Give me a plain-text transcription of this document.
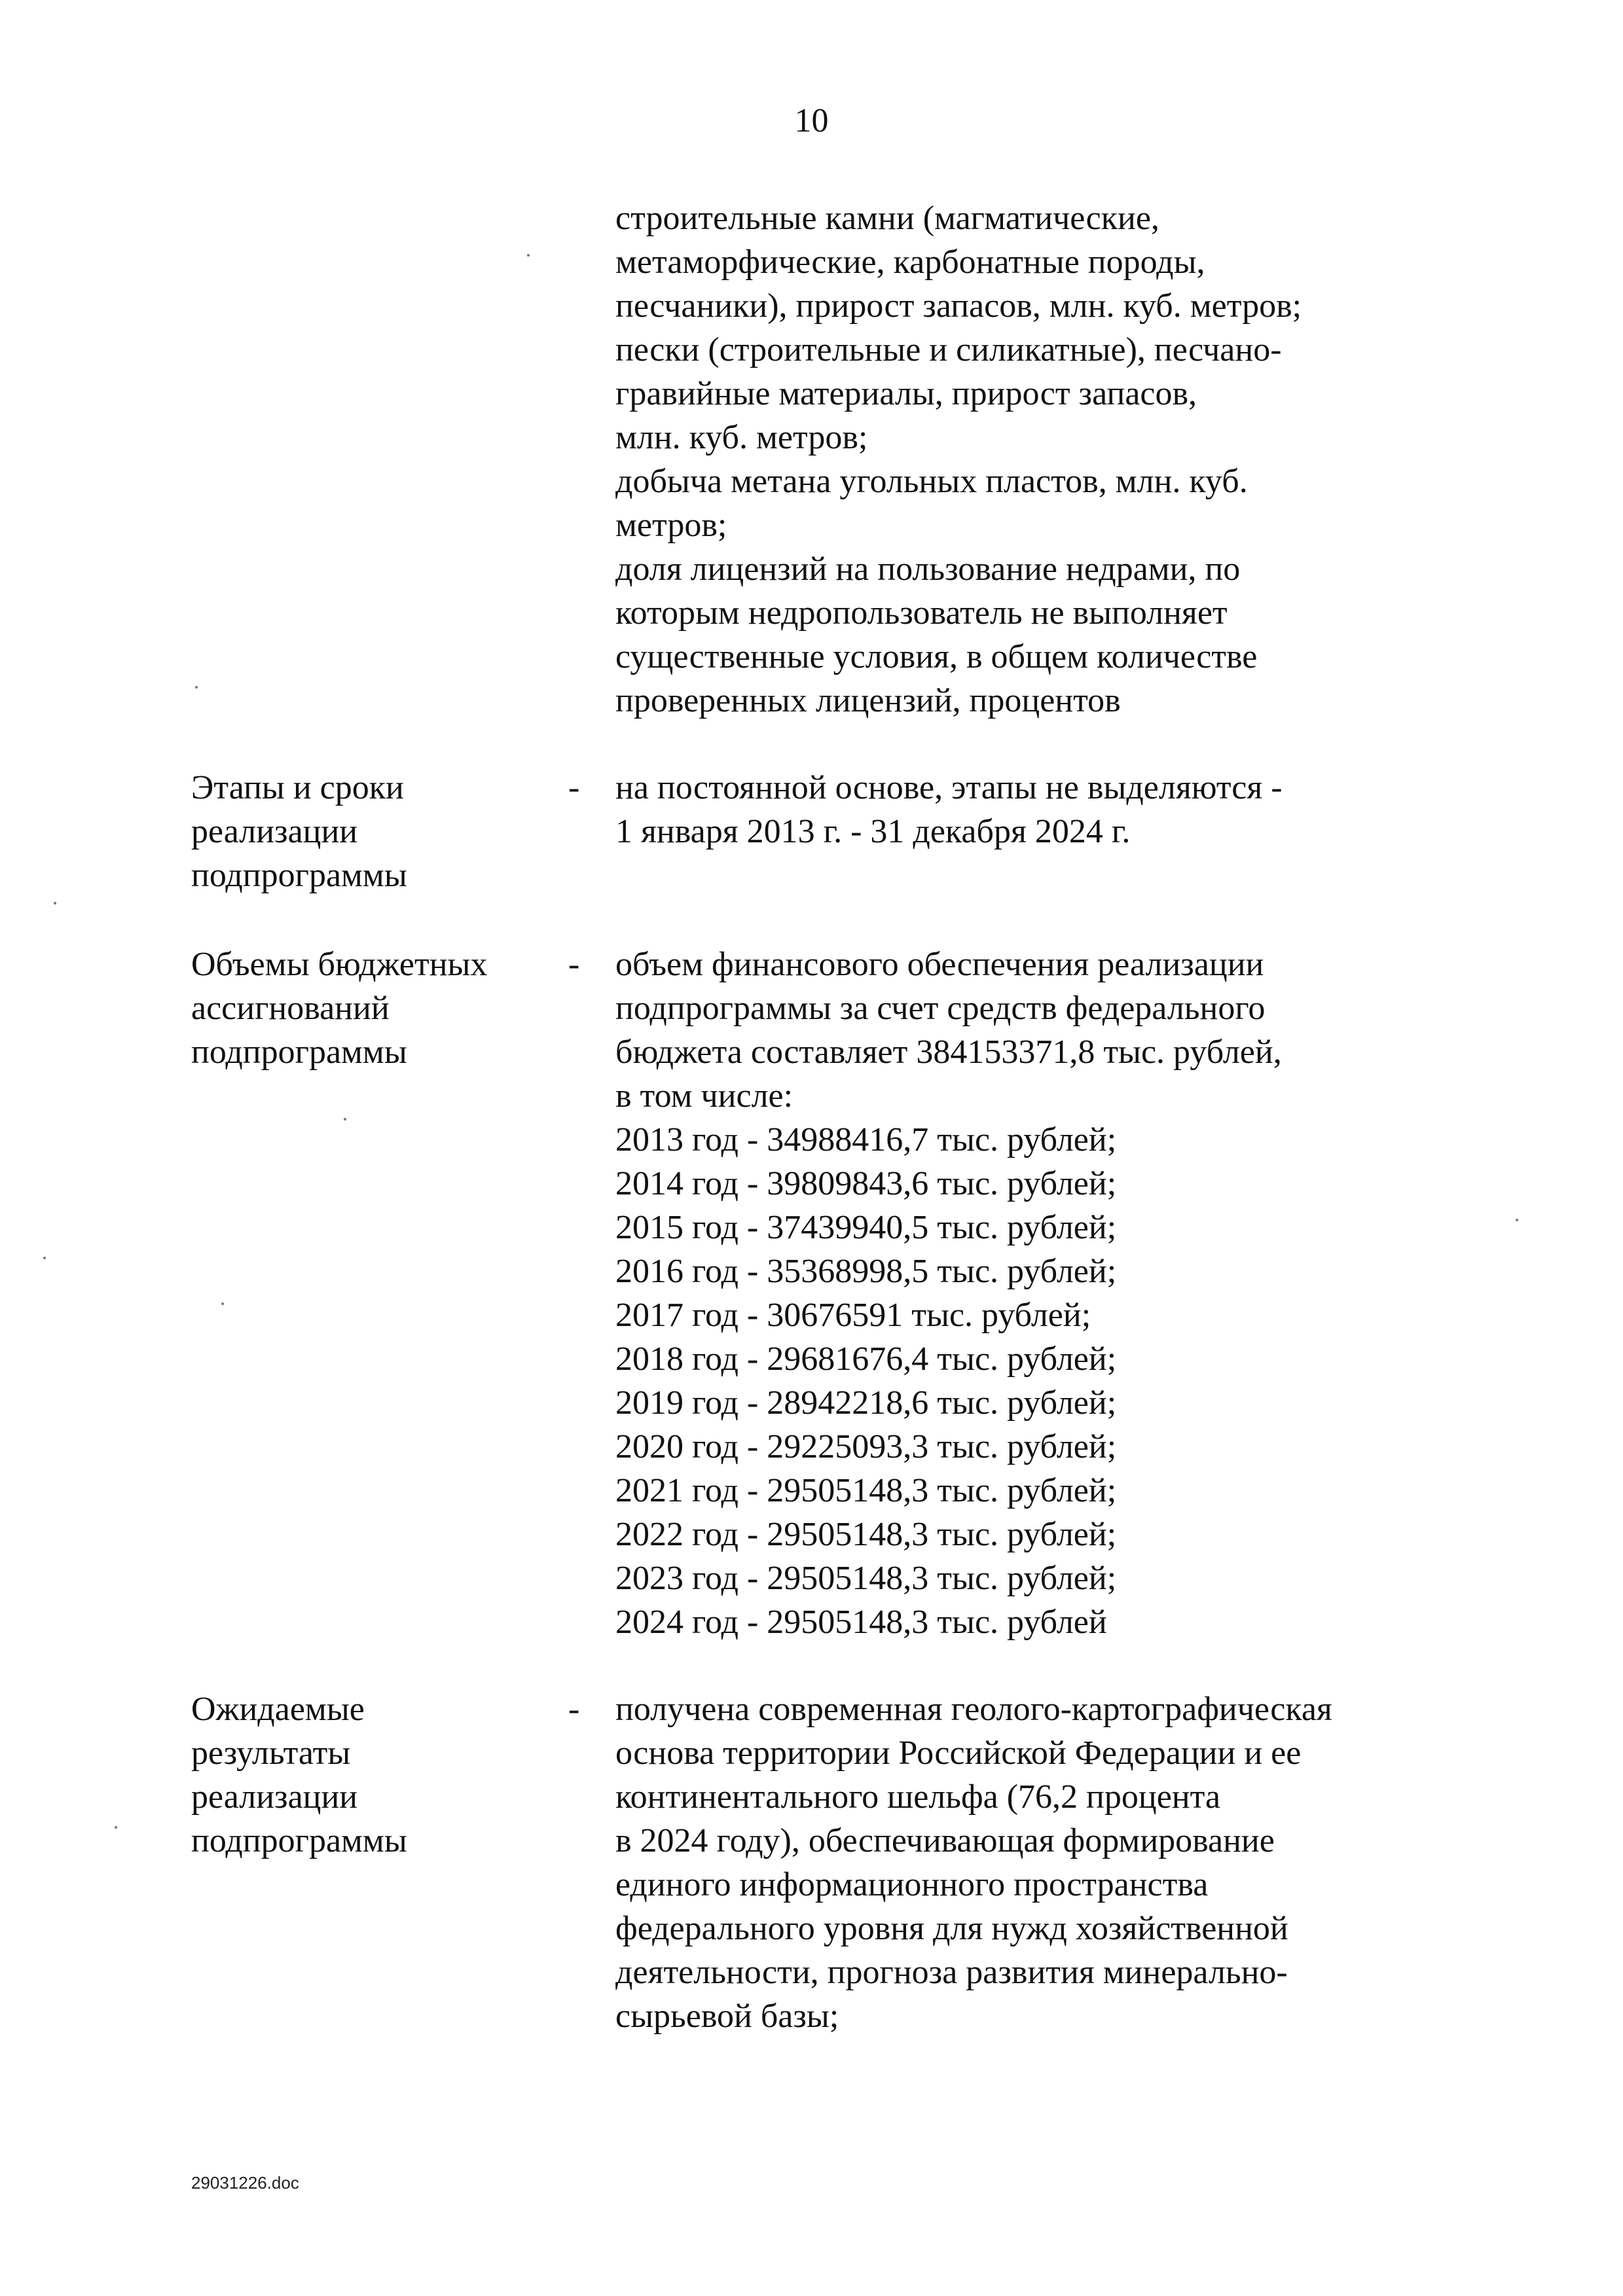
10
строительные камни (магматические,
метаморфические, карбонатные породы,
песчаники), прирост запасов, млн. куб. метров;
пески (строительные и силикатные), песчано-
гравийные материалы, прирост запасов,
млн. куб. метров;
добыча метана угольных пластов, млн. куб.
метров;
доля лицензий на пользование недрами, по
которым недропользователь не выполняет
существенные условия, в общем количестве
проверенных лицензий, процентов
Этапы и сроки
реализации
подпрограммы
-	на постоянной основе, этапы не выделяются -
1 января 2013 г. - 31 декабря 2024 г.
Объемы бюджетных
ассигнований
подпрограммы
-	объем финансового обеспечения реализации
подпрограммы за счет средств федерального
бюджета составляет 384153371,8 тыс. рублей,
в том числе:
2013 год - 34988416,7 тыс. рублей;
2014 год - 39809843,6 тыс. рублей;
2015 год - 37439940,5 тыс. рублей;
2016 год - 35368998,5 тыс. рублей;
2017 год - 30676591 тыс. рублей;
2018 год - 29681676,4 тыс. рублей;
2019 год - 28942218,6 тыс. рублей;
2020 год - 29225093,3 тыс. рублей;
2021 год - 29505148,3 тыс. рублей;
2022 год - 29505148,3 тыс. рублей;
2023 год - 29505148,3 тыс. рублей;
2024 год - 29505148,3 тыс. рублей
Ожидаемые
результаты
реализации
подпрограммы
-	получена современная геолого-картографическая
основа территории Российской Федерации и ее
континентального шельфа (76,2 процента
в 2024 году), обеспечивающая формирование
единого информационного пространства
федерального уровня для нужд хозяйственной
деятельности, прогноза развития минерально-
сырьевой базы;
29031226.doc
